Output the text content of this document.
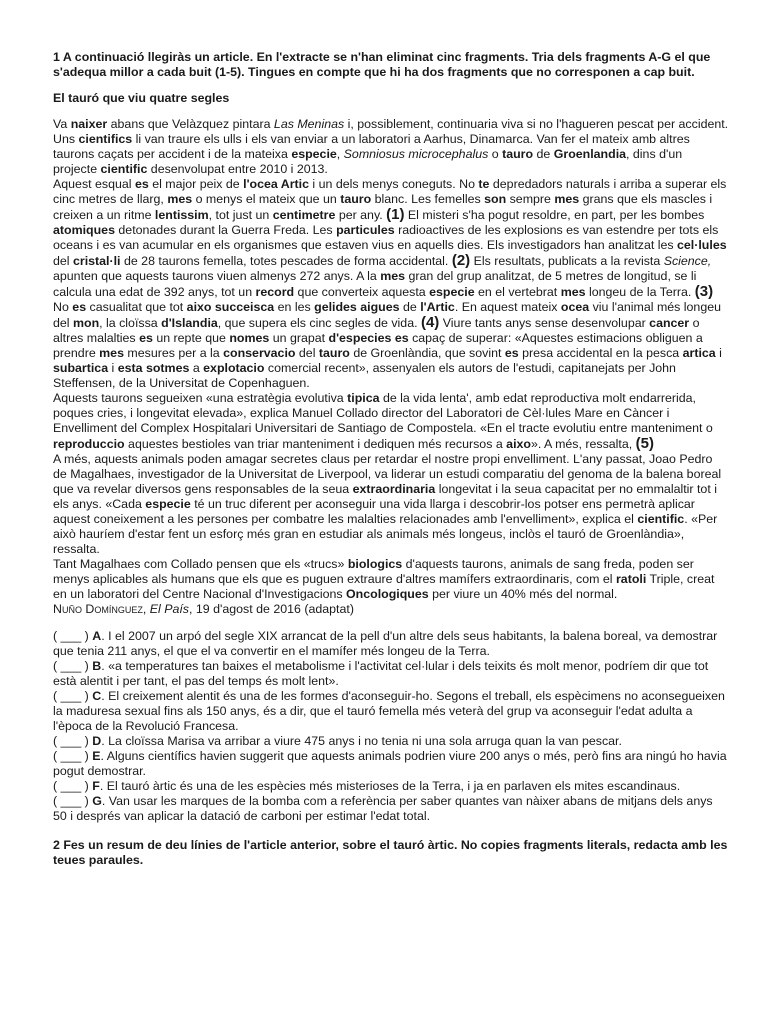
1 A continuació llegiràs un article. En l'extracte se n'han eliminat cinc fragments. Tria dels fragments A-G el que s'adequa millor a cada buit (1-5). Tingues en compte que hi ha dos fragments que no corresponen a cap buit.

El tauró que viu quatre segles

Va naixer abans que Velàzquez pintara Las Meninas i, possiblement, continuaria viva si no l'hagueren pescat per accident. Uns cientifics li van traure els ulls i els van enviar a un laboratori a Aarhus, Dinamarca. Van fer el mateix amb altres taurons caçats per accident i de la mateixa especie, Somniosus microcephalus o tauro de Groenlandia, dins d'un projecte cientific desenvolupat entre 2010 i 2013.

Aquest esqual es el major peix de l'ocea Artic i un dels menys coneguts. No te depredadors naturals i arriba a superar els cinc metres de llarg, mes o menys el mateix que un tauro blanc. Les femelles son sempre mes grans que els mascles i creixen a un ritme lentissim, tot just un centimetre per any. (1) El misteri s'ha pogut resoldre, en part, per les bombes atomiques detonades durant la Guerra Freda. Les particules radioactives de les explosions es van estendre per tots els oceans i es van acumular en els organismes que estaven vius en aquells dies. Els investigadors han analitzat les cel·lules del cristal·li de 28 taurons femella, totes pescades de forma accidental. (2) Els resultats, publicats a la revista Science, apunten que aquests taurons viuen almenys 272 anys. A la mes gran del grup analitzat, de 5 metres de longitud, se li calcula una edat de 392 anys, tot un record que converteix aquesta especie en el vertebrat mes longeu de la Terra. (3) No es casualitat que tot aixo succeisca en les gelides aigues de l'Artic. En aquest mateix ocea viu l'animal més longeu del mon, la cloïssa d'Islandia, que supera els cinc segles de vida. (4) Viure tants anys sense desenvolupar cancer o altres malalties es un repte que nomes un grapat d'especies es capaç de superar: «Aquestes estimacions obliguen a prendre mes mesures per a la conservacio del tauro de Groenlàndia, que sovint es presa accidental en la pesca artica i subartica i esta sotmes a explotacio comercial recent», assenyalen els autors de l'estudi, capitanejats per John Steffensen, de la Universitat de Copenhaguen.

Aquests taurons segueixen «una estratègia evolutiva tipica de la vida lenta', amb edat reproductiva molt endarrerida, poques cries, i longevitat elevada», explica Manuel Collado director del Laboratori de Cèl·lules Mare en Càncer i Envelliment del Complex Hospitalari Universitari de Santiago de Compostela. «En el tracte evolutiu entre manteniment o reproduccio aquestes bestioles van triar manteniment i dediquen més recursos a aixo». A més, ressalta, (5)

A més, aquests animals poden amagar secretes claus per retardar el nostre propi envelliment. L'any passat, Joao Pedro de Magalhaes, investigador de la Universitat de Liverpool, va liderar un estudi comparatiu del genoma de la balena boreal que va revelar diversos gens responsables de la seua extraordinaria longevitat i la seua capacitat per no emmalaltir tot i els anys. «Cada especie té un truc diferent per aconseguir una vida llarga i descobrir-los potser ens permetrà aplicar aquest coneixement a les persones per combatre les malalties relacionades amb l'envelliment», explica el cientific. «Per això hauríem d'estar fent un esforç més gran en estudiar als animals més longeus, inclòs el tauró de Groenlàndia», ressalta.

Tant Magalhaes com Collado pensen que els «trucs» biologics d'aquests taurons, animals de sang freda, poden ser menys aplicables als humans que els que es puguen extraure d'altres mamífers extraordinaris, com el ratoli Triple, creat en un laboratori del Centre Nacional d'Investigacions Oncologiques per viure un 40% més del normal.

Nuño Domínguez, El País, 19 d'agost de 2016 (adaptat)

( ___ ) A. I el 2007 un arpó del segle XIX arrancat de la pell d'un altre dels seus habitants, la balena boreal, va demostrar que tenia 211 anys, el que el va convertir en el mamífer més longeu de la Terra.

( ___ ) B. «a temperatures tan baixes el metabolisme i l'activitat cel·lular i dels teixits és molt menor, podríem dir que tot està alentit i per tant, el pas del temps és molt lent».

( ___ ) C. El creixement alentit és una de les formes d'aconseguir-ho. Segons el treball, els espècimens no aconsegueixen la maduresa sexual fins als 150 anys, és a dir, que el tauró femella més veterà del grup va aconseguir l'edat adulta a l'època de la Revolució Francesa.

( ___ ) D. La cloïssa Marisa va arribar a viure 475 anys i no tenia ni una sola arruga quan la van pescar.

( ___ ) E. Alguns científics havien suggerit que aquests animals podrien viure 200 anys o més, però fins ara ningú ho havia pogut demostrar.

( ___ ) F. El tauró àrtic és una de les espècies més misterioses de la Terra, i ja en parlaven els mites escandinaus.

( ___ ) G. Van usar les marques de la bomba com a referència per saber quantes van nàixer abans de mitjans dels anys 50 i després van aplicar la datació de carboni per estimar l'edat total.

2 Fes un resum de deu línies de l'article anterior, sobre el tauró àrtic. No copies fragments literals, redacta amb les teues paraules.
